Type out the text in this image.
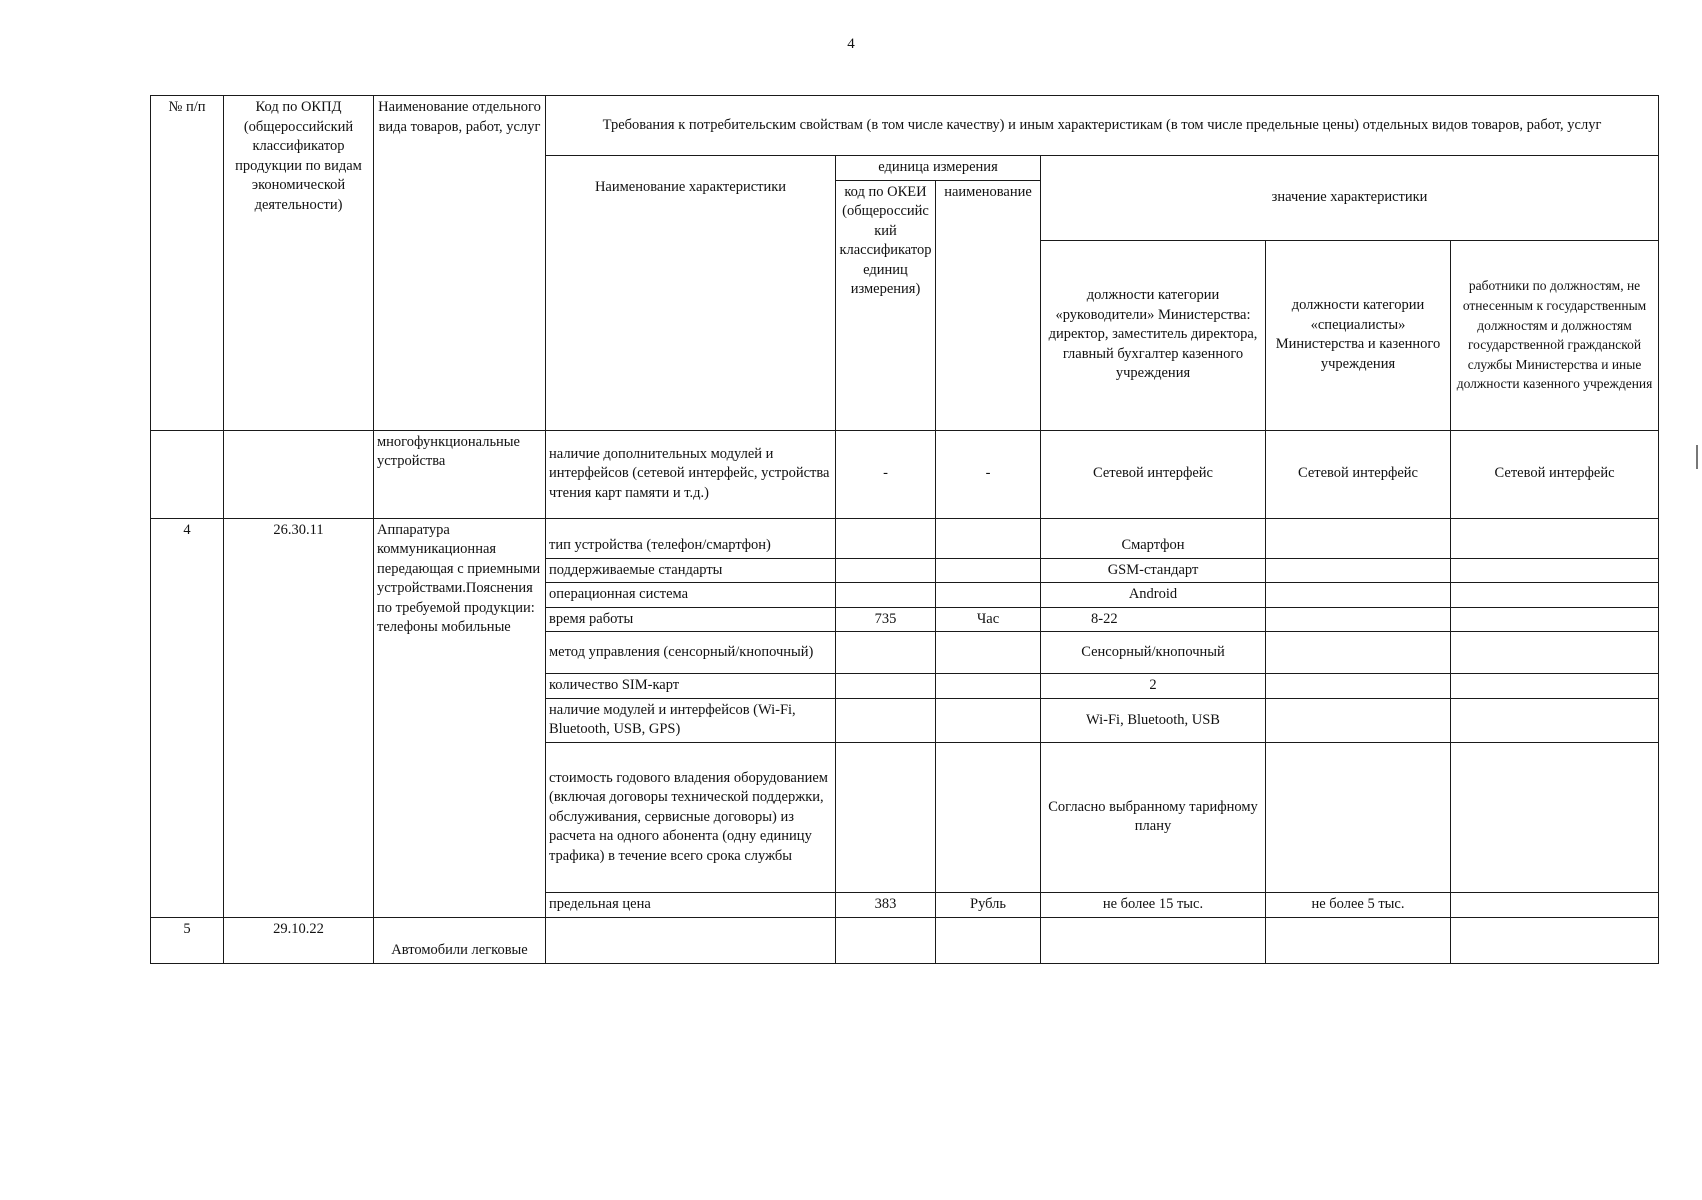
4
№ п/п	Код по ОКПД (общероссийский классификатор продукции по видам экономической деятельности)	Наименование отдельного вида товаров, работ, услуг	Требования к потребительским свойствам (в том числе качеству) и иным характеристикам (в том числе предельные цены) отдельных видов товаров, работ, услуг					
			Наименование характеристики	единица измерения		значение характеристики		
				код по ОКЕИ (общероссийский классификатор единиц измерения)	наименование			
						должности категории «руководители» Министерства: директор, заместитель директора, главный бухгалтер казенного учреждения	должности категории «специалисты» Министерства и казенного учреждения	работники по должностям, не отнесенным к государственным должностям и должностям государственной гражданской службы Министерства и иные должности казенного учреждения
		многофункциональные устройства	наличие дополнительных модулей и интерфейсов (сетевой интерфейс, устройства чтения карт памяти и т.д.)	-	-	Сетевой интерфейс	Сетевой интерфейс	Сетевой интерфейс
4	26.30.11	Аппаратура коммуникационная передающая с приемными устройствами.Пояснения по требуемой продукции: телефоны мобильные	тип устройства (телефон/смартфон)			Смартфон		
			поддерживаемые стандарты			GSM-стандарт		
			операционная система			Android		
			время работы	735	Час	8-22		
			метод управления (сенсорный/кнопочный)			Сенсорный/кнопочный		
			количество SIM-карт			2		
			наличие модулей и интерфейсов (Wi-Fi, Bluetooth, USB, GPS)			Wi-Fi, Bluetooth, USB		
			стоимость годового владения оборудованием (включая договоры технической поддержки, обслуживания, сервисные договоры) из расчета на одного абонента (одну единицу трафика) в течение всего срока службы			Согласно выбранному тарифному плану		
			предельная цена	383	Рубль	не более 15 тыс.	не более 5 тыс.	
5	29.10.22	Автомобили легковые						
